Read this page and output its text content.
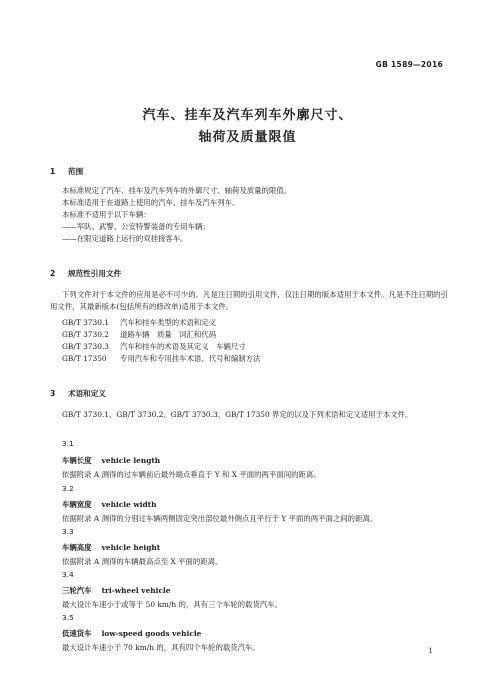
GB 1589—2016
汽车、挂车及汽车列车外廓尺寸、
轴荷及质量限值
1 范围
本标准规定了汽车、挂车及汽车列车的外廓尺寸、轴荷及质量的限值。
本标准适用于在道路上使用的汽车、挂车及汽车列车。
本标准不适用于以下车辆：
——军队、武警、公安特警装备的专用车辆；
——在限定道路上运行的双挂接客车。
2 规范性引用文件
下列文件对于本文件的应用是必不可少的。凡是注日期的引用文件，仅注日期的版本适用于本文件。凡是不注日期的引用文件，其最新版本(包括所有的修改单)适用于本文件。
GB/T 3730.1 汽车和挂车类型的术语和定义
GB/T 3730.2 道路车辆　质量　词汇和代码
GB/T 3730.3 汽车和挂车的术语及其定义　车辆尺寸
GB/T 17350 专用汽车和专用挂车术语、代号和编制方法
3 术语和定义
GB/T 3730.1、GB/T 3730.2、GB/T 3730.3、GB/T 17350 界定的以及下列术语和定义适用于本文件。
3.1
车辆长度 vehicle length
依据附录 A 测得的过车辆前后最外端点垂直于 Y 和 X 平面的两平面间的距离。
3.2
车辆宽度 vehicle width
依据附录 A 测得的分别过车辆两侧固定突出部位最外侧点且平行于 Y 平面的两平面之间的距离。
3.3
车辆高度 vehicle height
依据附录 A 测得的车辆最高点至 X 平面的距离。
3.4
三轮汽车 tri-wheel vehicle
最大设计车速小于或等于 50 km/h 的，具有三个车轮的载货汽车。
3.5
低速货车 low-speed goods vehicle
最大设计车速小于 70 km/h 的，具有四个车轮的载货汽车。	1
